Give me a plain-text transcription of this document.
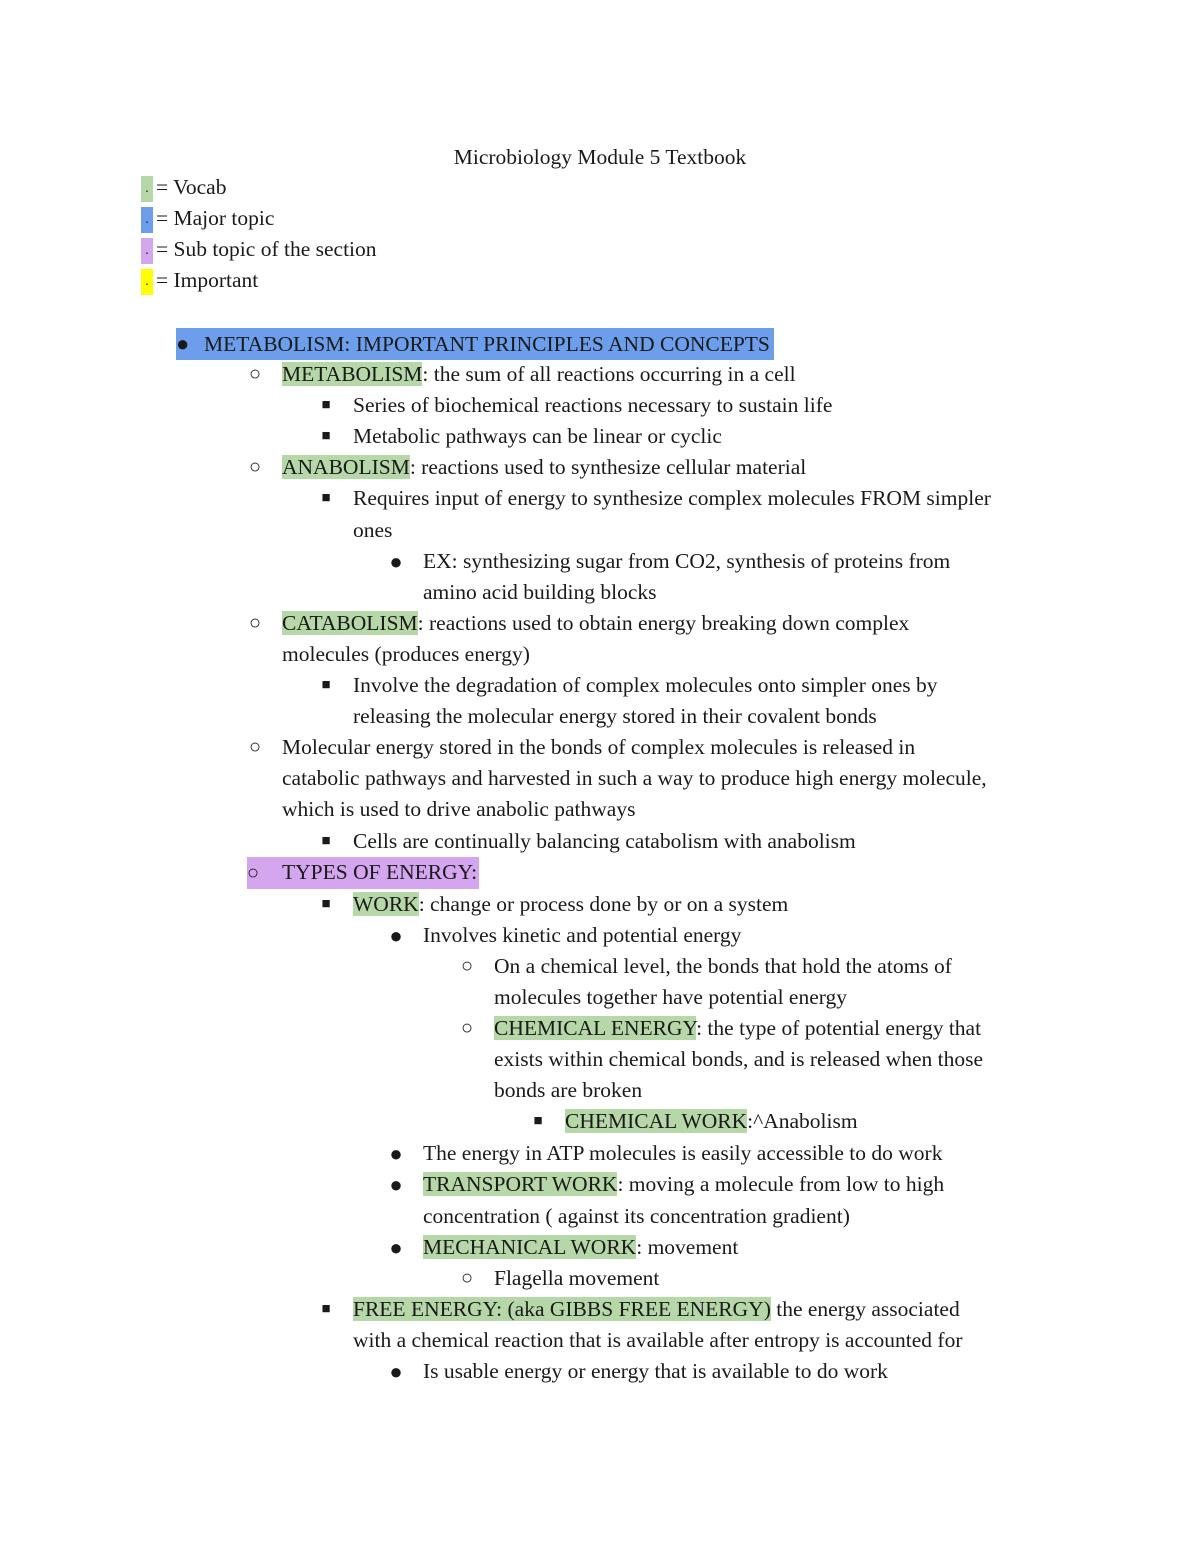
Microbiology Module 5 Textbook
. = Vocab
. = Major topic
. = Sub topic of the section
. = Important
● METABOLISM: IMPORTANT PRINCIPLES AND CONCEPTS
○ METABOLISM: the sum of all reactions occurring in a cell
■ Series of biochemical reactions necessary to sustain life
■ Metabolic pathways can be linear or cyclic
○ ANABOLISM: reactions used to synthesize cellular material
■ Requires input of energy to synthesize complex molecules FROM simpler
ones
● EX: synthesizing sugar from CO2, synthesis of proteins from
amino acid building blocks
○ CATABOLISM: reactions used to obtain energy breaking down complex
molecules (produces energy)
■ Involve the degradation of complex molecules onto simpler ones by
releasing the molecular energy stored in their covalent bonds
○ Molecular energy stored in the bonds of complex molecules is released in
catabolic pathways and harvested in such a way to produce high energy molecule,
which is used to drive anabolic pathways
■ Cells are continually balancing catabolism with anabolism
○ TYPES OF ENERGY:
■ WORK: change or process done by or on a system
● Involves kinetic and potential energy
○ On a chemical level, the bonds that hold the atoms of
molecules together have potential energy
○ CHEMICAL ENERGY: the type of potential energy that
exists within chemical bonds, and is released when those
bonds are broken
■ CHEMICAL WORK:^Anabolism
● The energy in ATP molecules is easily accessible to do work
● TRANSPORT WORK: moving a molecule from low to high
concentration ( against its concentration gradient)
● MECHANICAL WORK: movement
○ Flagella movement
■ FREE ENERGY: (aka GIBBS FREE ENERGY) the energy associated
with a chemical reaction that is available after entropy is accounted for
● Is usable energy or energy that is available to do work
